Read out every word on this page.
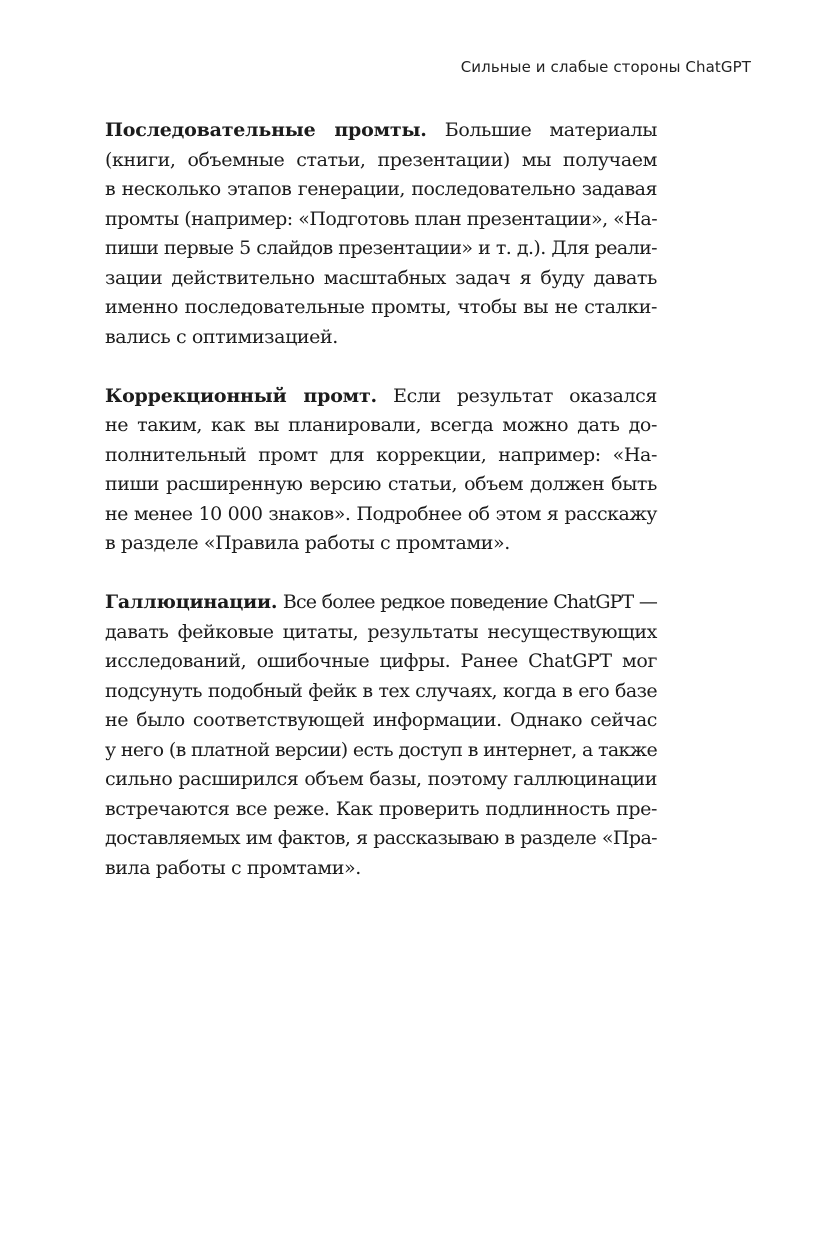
Сильные и слабые стороны ChatGPT
Последовательные промты. Большие материалы
(книги, объемные статьи, презентации) мы получаем
в несколько этапов генерации, последовательно задавая
промты (например: «Подготовь план презентации», «На-
пиши первые 5 слайдов презентации» и т. д.). Для реали-
зации действительно масштабных задач я буду давать
именно последовательные промты, чтобы вы не сталки-
вались с оптимизацией.
Коррекционный промт. Если результат оказался
не таким, как вы планировали, всегда можно дать до-
полнительный промт для коррекции, например: «На-
пиши расширенную версию статьи, объем должен быть
не менее 10 000 знаков». Подробнее об этом я расскажу
в разделе «Правила работы с промтами».
Галлюцинации. Все более редкое поведение ChatGPT —
давать фейковые цитаты, результаты несуществующих
исследований, ошибочные цифры. Ранее ChatGPT мог
подсунуть подобный фейк в тех случаях, когда в его базе
не было соответствующей информации. Однако сейчас
у него (в платной версии) есть доступ в интернет, а также
сильно расширился объем базы, поэтому галлюцинации
встречаются все реже. Как проверить подлинность пре-
доставляемых им фактов, я рассказываю в разделе «Пра-
вила работы с промтами».
